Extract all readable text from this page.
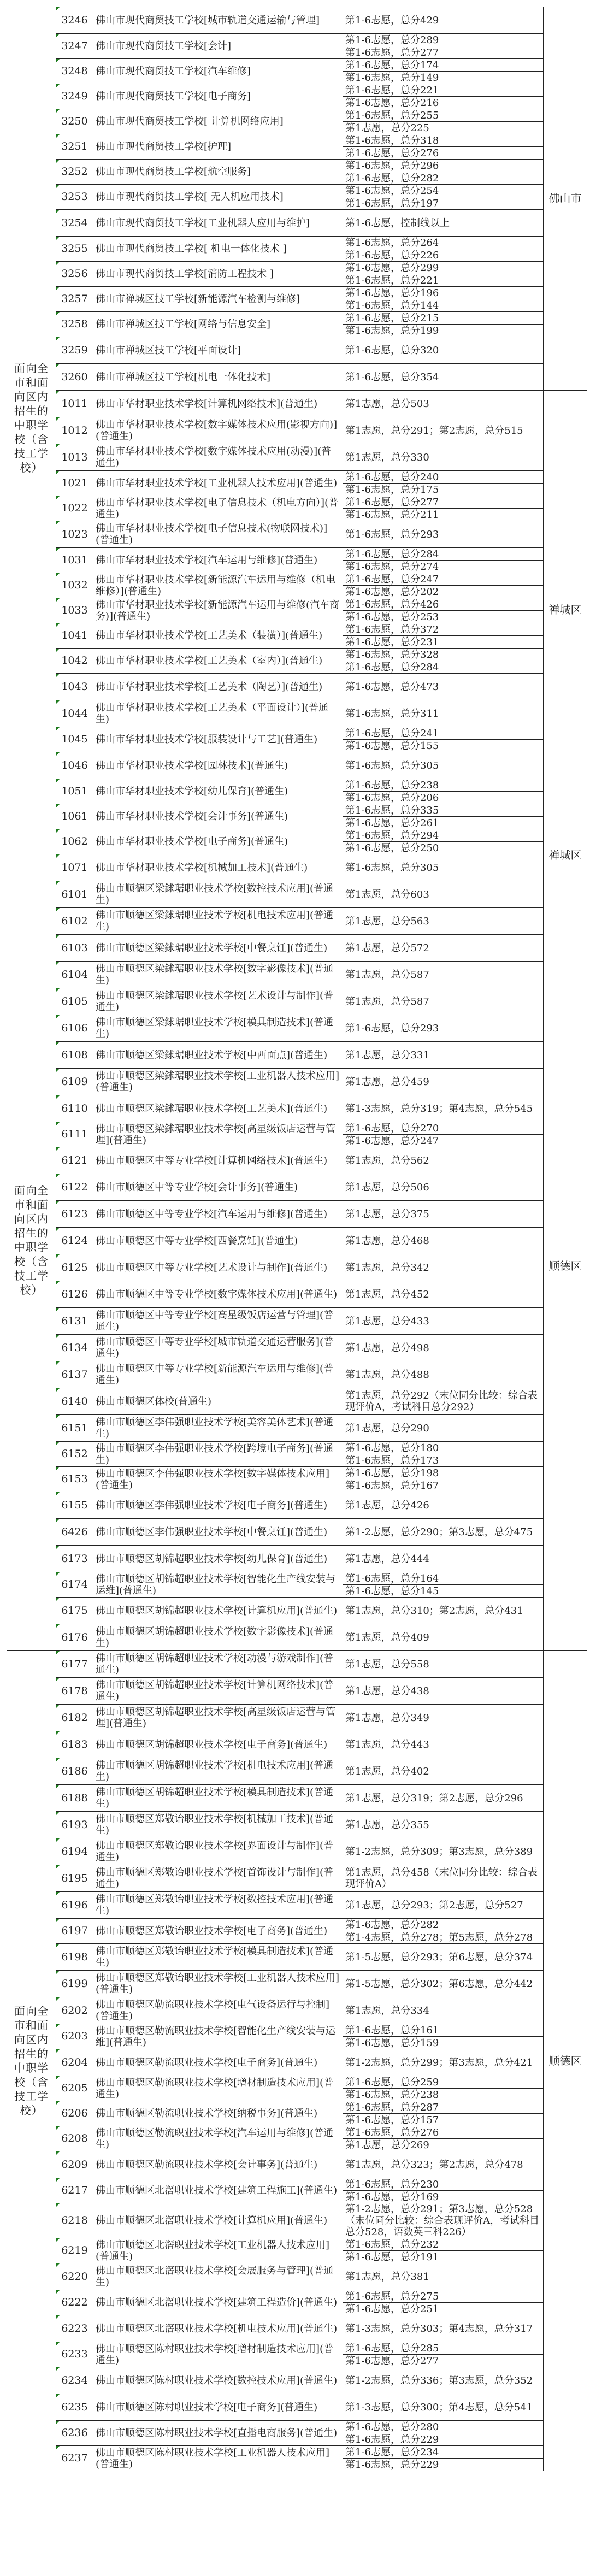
面向全市和面向区内招生的中职学校（含技工学校）	3246	佛山市现代商贸技工学校[城市轨道交通运输与管理]	第1-6志愿，总分429	佛山市
	3247	佛山市现代商贸技工学校[会计]	第1-6志愿，总分289	
			第1-6志愿，总分277	
	3248	佛山市现代商贸技工学校[汽车维修]	第1-6志愿，总分174	
			第1-6志愿，总分149	
	3249	佛山市现代商贸技工学校[电子商务]	第1-6志愿，总分221	
			第1-6志愿，总分216	
	3250	佛山市现代商贸技工学校[ 计算机网络应用]	第1-6志愿，总分255	
			第1志愿，总分225	
	3251	佛山市现代商贸技工学校[护理]	第1-6志愿，总分318	
			第1-6志愿，总分276	
	3252	佛山市现代商贸技工学校[航空服务]	第1-6志愿，总分296	
			第1-6志愿，总分282	
	3253	佛山市现代商贸技工学校[ 无人机应用技术]	第1-6志愿，总分254	
			第1-6志愿，总分197	
	3254	佛山市现代商贸技工学校[工业机器人应用与维护]	第1-6志愿，控制线以上	
	3255	佛山市现代商贸技工学校[ 机电一体化技术 ]	第1-6志愿，总分264	
			第1-6志愿，总分226	
	3256	佛山市现代商贸技工学校[消防工程技术 ]	第1-6志愿，总分299	
			第1-6志愿，总分221	
	3257	佛山市禅城区技工学校[新能源汽车检测与维修]	第1-6志愿，总分196	
			第1-6志愿，总分144	
	3258	佛山市禅城区技工学校[网络与信息安全]	第1-6志愿，总分215	
			第1-6志愿，总分199	
	3259	佛山市禅城区技工学校[平面设计]	第1-6志愿，总分320	
	3260	佛山市禅城区技工学校[机电一体化技术]	第1-6志愿，总分354	
	1011	佛山市华材职业技术学校[计算机网络技术](普通生)	第1志愿，总分503	禅城区
	1012	佛山市华材职业技术学校[数字媒体技术应用(影视方向)](普通生)	第1志愿，总分291；第2志愿，总分515	
	1013	佛山市华材职业技术学校[数字媒体技术应用(动漫)](普通生)	第1志愿，总分330	
	1021	佛山市华材职业技术学校[工业机器人技术应用](普通生)	第1-6志愿，总分240	
			第1-6志愿，总分175	
	1022	佛山市华材职业技术学校[电子信息技术（机电方向）](普通生)	第1-6志愿，总分277	
			第1-6志愿，总分211	
	1023	佛山市华材职业技术学校[电子信息技术(物联网技术)](普通生)	第1-6志愿，总分293	
	1031	佛山市华材职业技术学校[汽车运用与维修](普通生)	第1-6志愿，总分284	
			第1-6志愿，总分274	
	1032	佛山市华材职业技术学校[新能源汽车运用与维修（机电维修）](普通生)	第1-6志愿，总分247	
			第1-6志愿，总分202	
	1033	佛山市华材职业技术学校[新能源汽车运用与维修(汽车商务)](普通生)	第1-6志愿，总分426	
			第1-6志愿，总分253	
	1041	佛山市华材职业技术学校[工艺美术（装潢）](普通生)	第1-6志愿，总分372	
			第1-6志愿，总分231	
	1042	佛山市华材职业技术学校[工艺美术（室内）](普通生)	第1-6志愿，总分328	
			第1-6志愿，总分284	
	1043	佛山市华材职业技术学校[工艺美术（陶艺）](普通生)	第1-6志愿，总分473	
	1044	佛山市华材职业技术学校[工艺美术（平面设计）](普通生)	第1-6志愿，总分311	
	1045	佛山市华材职业技术学校[服装设计与工艺](普通生)	第1-6志愿，总分241	
			第1-6志愿，总分155	
	1046	佛山市华材职业技术学校[园林技术](普通生)	第1-6志愿，总分305	
	1051	佛山市华材职业技术学校[幼儿保育](普通生)	第1-6志愿，总分238	
			第1-6志愿，总分206	
	1061	佛山市华材职业技术学校[会计事务](普通生)	第1-6志愿，总分335	
			第1-6志愿，总分261	
面向全市和面向区内招生的中职学校（含技工学校）	1062	佛山市华材职业技术学校[电子商务](普通生)	第1-6志愿，总分294	禅城区
			第1-6志愿，总分250	
	1071	佛山市华材职业技术学校[机械加工技术](普通生)	第1-6志愿，总分305	
	6101	佛山市顺德区梁銶琚职业技术学校[数控技术应用](普通生)	第1志愿，总分603	顺德区
	6102	佛山市顺德区梁銶琚职业技术学校[机电技术应用](普通生)	第1志愿，总分563	
	6103	佛山市顺德区梁銶琚职业技术学校[中餐烹饪](普通生)	第1志愿，总分572	
	6104	佛山市顺德区梁銶琚职业技术学校[数字影像技术](普通生)	第1志愿，总分587	
	6105	佛山市顺德区梁銶琚职业技术学校[艺术设计与制作](普通生)	第1志愿，总分587	
	6106	佛山市顺德区梁銶琚职业技术学校[模具制造技术](普通生)	第1-6志愿，总分293	
	6108	佛山市顺德区梁銶琚职业技术学校[中西面点](普通生)	第1志愿，总分331	
	6109	佛山市顺德区梁銶琚职业技术学校[工业机器人技术应用](普通生)	第1志愿，总分459	
	6110	佛山市顺德区梁銶琚职业技术学校[工艺美术](普通生)	第1-3志愿，总分319；第4志愿，总分545	
	6111	佛山市顺德区梁銶琚职业技术学校[高星级饭店运营与管理](普通生)	第1-6志愿，总分270	
			第1-6志愿，总分247	
	6121	佛山市顺德区中等专业学校[计算机网络技术](普通生)	第1志愿，总分562	
	6122	佛山市顺德区中等专业学校[会计事务](普通生)	第1志愿，总分506	
	6123	佛山市顺德区中等专业学校[汽车运用与维修](普通生)	第1志愿，总分375	
	6124	佛山市顺德区中等专业学校[西餐烹饪](普通生)	第1志愿，总分468	
	6125	佛山市顺德区中等专业学校[艺术设计与制作](普通生)	第1志愿，总分342	
	6126	佛山市顺德区中等专业学校[数字媒体技术应用](普通生)	第1志愿，总分452	
	6131	佛山市顺德区中等专业学校[高星级饭店运营与管理](普通生)	第1志愿，总分433	
	6134	佛山市顺德区中等专业学校[城市轨道交通运营服务](普通生)	第1志愿，总分498	
	6137	佛山市顺德区中等专业学校[新能源汽车运用与维修](普通生)	第1志愿，总分488	
	6140	佛山市顺德区体校(普通生)	第1志愿，总分292（末位同分比较：综合表现评价A，考试科目总分292）	
	6151	佛山市顺德区李伟强职业技术学校[美容美体艺术](普通生)	第1志愿，总分290	
	6152	佛山市顺德区李伟强职业技术学校[跨境电子商务](普通生)	第1-6志愿，总分180	
			第1-6志愿，总分173	
	6153	佛山市顺德区李伟强职业技术学校[数字媒体技术应用](普通生)	第1-6志愿，总分198	
			第1-6志愿，总分167	
	6155	佛山市顺德区李伟强职业技术学校[电子商务](普通生)	第1志愿，总分426	
	6426	佛山市顺德区李伟强职业技术学校[中餐烹饪](普通生)	第1-2志愿，总分290；第3志愿，总分475	
	6173	佛山市顺德区胡锦超职业技术学校[幼儿保育](普通生)	第1志愿，总分444	
	6174	佛山市顺德区胡锦超职业技术学校[智能化生产线安装与运维](普通生)	第1-6志愿，总分164	
			第1-6志愿，总分145	
	6175	佛山市顺德区胡锦超职业技术学校[计算机应用](普通生)	第1志愿，总分310；第2志愿，总分431	
	6176	佛山市顺德区胡锦超职业技术学校[数字影像技术](普通生)	第1志愿，总分409	
面向全市和面向区内招生的中职学校（含技工学校）	6177	佛山市顺德区胡锦超职业技术学校[动漫与游戏制作](普通生)	第1志愿，总分558	顺德区
	6178	佛山市顺德区胡锦超职业技术学校[计算机网络技术](普通生)	第1志愿，总分438	
	6182	佛山市顺德区胡锦超职业技术学校[高星级饭店运营与管理](普通生)	第1志愿，总分349	
	6183	佛山市顺德区胡锦超职业技术学校[电子商务](普通生)	第1志愿，总分443	
	6186	佛山市顺德区胡锦超职业技术学校[机电技术应用](普通生)	第1志愿，总分402	
	6188	佛山市顺德区胡锦超职业技术学校[模具制造技术](普通生)	第1志愿，总分319；第2志愿，总分296	
	6193	佛山市顺德区郑敬诒职业技术学校[机械加工技术](普通生)	第1志愿，总分355	
	6194	佛山市顺德区郑敬诒职业技术学校[界面设计与制作](普通生)	第1-2志愿，总分309；第3志愿，总分389	
	6195	佛山市顺德区郑敬诒职业技术学校[首饰设计与制作](普通生)	第1志愿，总分458（末位同分比较：综合表现评价A）	
	6196	佛山市顺德区郑敬诒职业技术学校[数控技术应用](普通生)	第1志愿，总分293；第2志愿，总分527	
	6197	佛山市顺德区郑敬诒职业技术学校[电子商务](普通生)	第1-6志愿，总分282	
			第1-4志愿，总分278；第5志愿，总分278	
	6198	佛山市顺德区郑敬诒职业技术学校[模具制造技术](普通生)	第1-5志愿，总分293；第6志愿，总分374	
	6199	佛山市顺德区郑敬诒职业技术学校[工业机器人技术应用](普通生)	第1-5志愿，总分302；第6志愿，总分442	
	6202	佛山市顺德区勒流职业技术学校[电气设备运行与控制](普通生)	第1志愿，总分334	
	6203	佛山市顺德区勒流职业技术学校[智能化生产线安装与运维](普通生)	第1-6志愿，总分161	
			第1-6志愿，总分159	
	6204	佛山市顺德区勒流职业技术学校[电子商务](普通生)	第1-2志愿，总分299；第3志愿，总分421	
	6205	佛山市顺德区勒流职业技术学校[增材制造技术应用](普通生)	第1-6志愿，总分259	
			第1-6志愿，总分238	
	6206	佛山市顺德区勒流职业技术学校[纳税事务](普通生)	第1-6志愿，总分287	
			第1-6志愿，总分157	
	6208	佛山市顺德区勒流职业技术学校[汽车运用与维修](普通生)	第1-6志愿，总分276	
			第1志愿，总分269	
	6209	佛山市顺德区勒流职业技术学校[会计事务](普通生)	第1志愿，总分323；第2志愿，总分478	
	6217	佛山市顺德区北滘职业技术学校[建筑工程施工](普通生)	第1-6志愿，总分230	
			第1-6志愿，总分169	
	6218	佛山市顺德区北滘职业技术学校[计算机应用](普通生)	第1-2志愿，总分291；第3志愿，总分528（末位同分比较：综合表现评价A，考试科目总分528，语数英三科226）	
	6219	佛山市顺德区北滘职业技术学校[工业机器人技术应用](普通生)	第1-6志愿，总分232	
			第1-6志愿，总分191	
	6220	佛山市顺德区北滘职业技术学校[会展服务与管理](普通生)	第1志愿，总分381	
	6222	佛山市顺德区北滘职业技术学校[建筑工程造价](普通生)	第1-6志愿，总分275	
			第1-6志愿，总分251	
	6223	佛山市顺德区北滘职业技术学校[机电技术应用](普通生)	第1-3志愿，总分303；第4志愿，总分317	
	6233	佛山市顺德区陈村职业技术学校[增材制造技术应用](普通生)	第1-6志愿，总分285	
			第1-6志愿，总分277	
	6234	佛山市顺德区陈村职业技术学校[数控技术应用](普通生)	第1-2志愿，总分336；第3志愿，总分352	
	6235	佛山市顺德区陈村职业技术学校[电子商务](普通生)	第1-3志愿，总分300；第4志愿，总分541	
	6236	佛山市顺德区陈村职业技术学校[直播电商服务](普通生)	第1-6志愿，总分280	
			第1-6志愿，总分229	
	6237	佛山市顺德区陈村职业技术学校[工业机器人技术应用](普通生)	第1-6志愿，总分234	
			第1-6志愿，总分229	
